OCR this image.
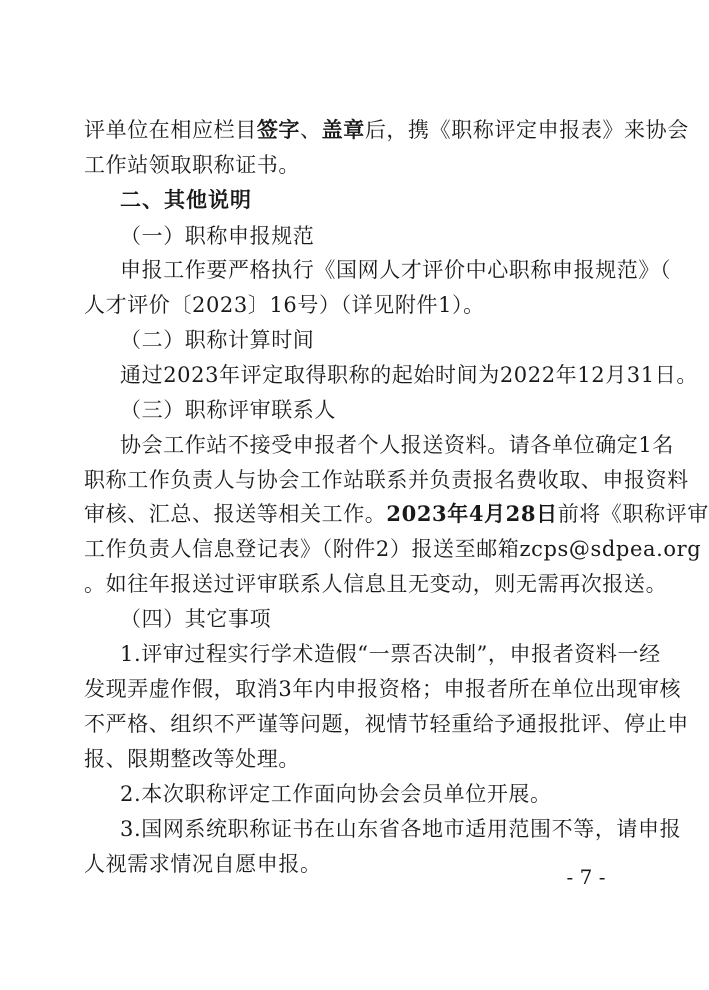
评单位在相应栏目签字、盖章后，携《职称评定申报表》来协会
工作站领取职称证书。
二、其他说明
（一）职称申报规范
申报工作要严格执行《国网人才评价中心职称申报规范》（
人才评价〔2023〕16号）（详见附件1）。
（二）职称计算时间
通过2023年评定取得职称的起始时间为2022年12月31日。
（三）职称评审联系人
协会工作站不接受申报者个人报送资料。请各单位确定1名
职称工作负责人与协会工作站联系并负责报名费收取、申报资料
审核、汇总、报送等相关工作。2023年4月28日前将《职称评审
工作负责人信息登记表》（附件2）报送至邮箱zcps@sdpea.org
。如往年报送过评审联系人信息且无变动，则无需再次报送。
（四）其它事项
1.评审过程实行学术造假“一票否决制”，申报者资料一经
发现弄虚作假，取消3年内申报资格；申报者所在单位出现审核
不严格、组织不严谨等问题，视情节轻重给予通报批评、停止申
报、限期整改等处理。
2.本次职称评定工作面向协会会员单位开展。
3.国网系统职称证书在山东省各地市适用范围不等，请申报
人视需求情况自愿申报。
- 7 -
